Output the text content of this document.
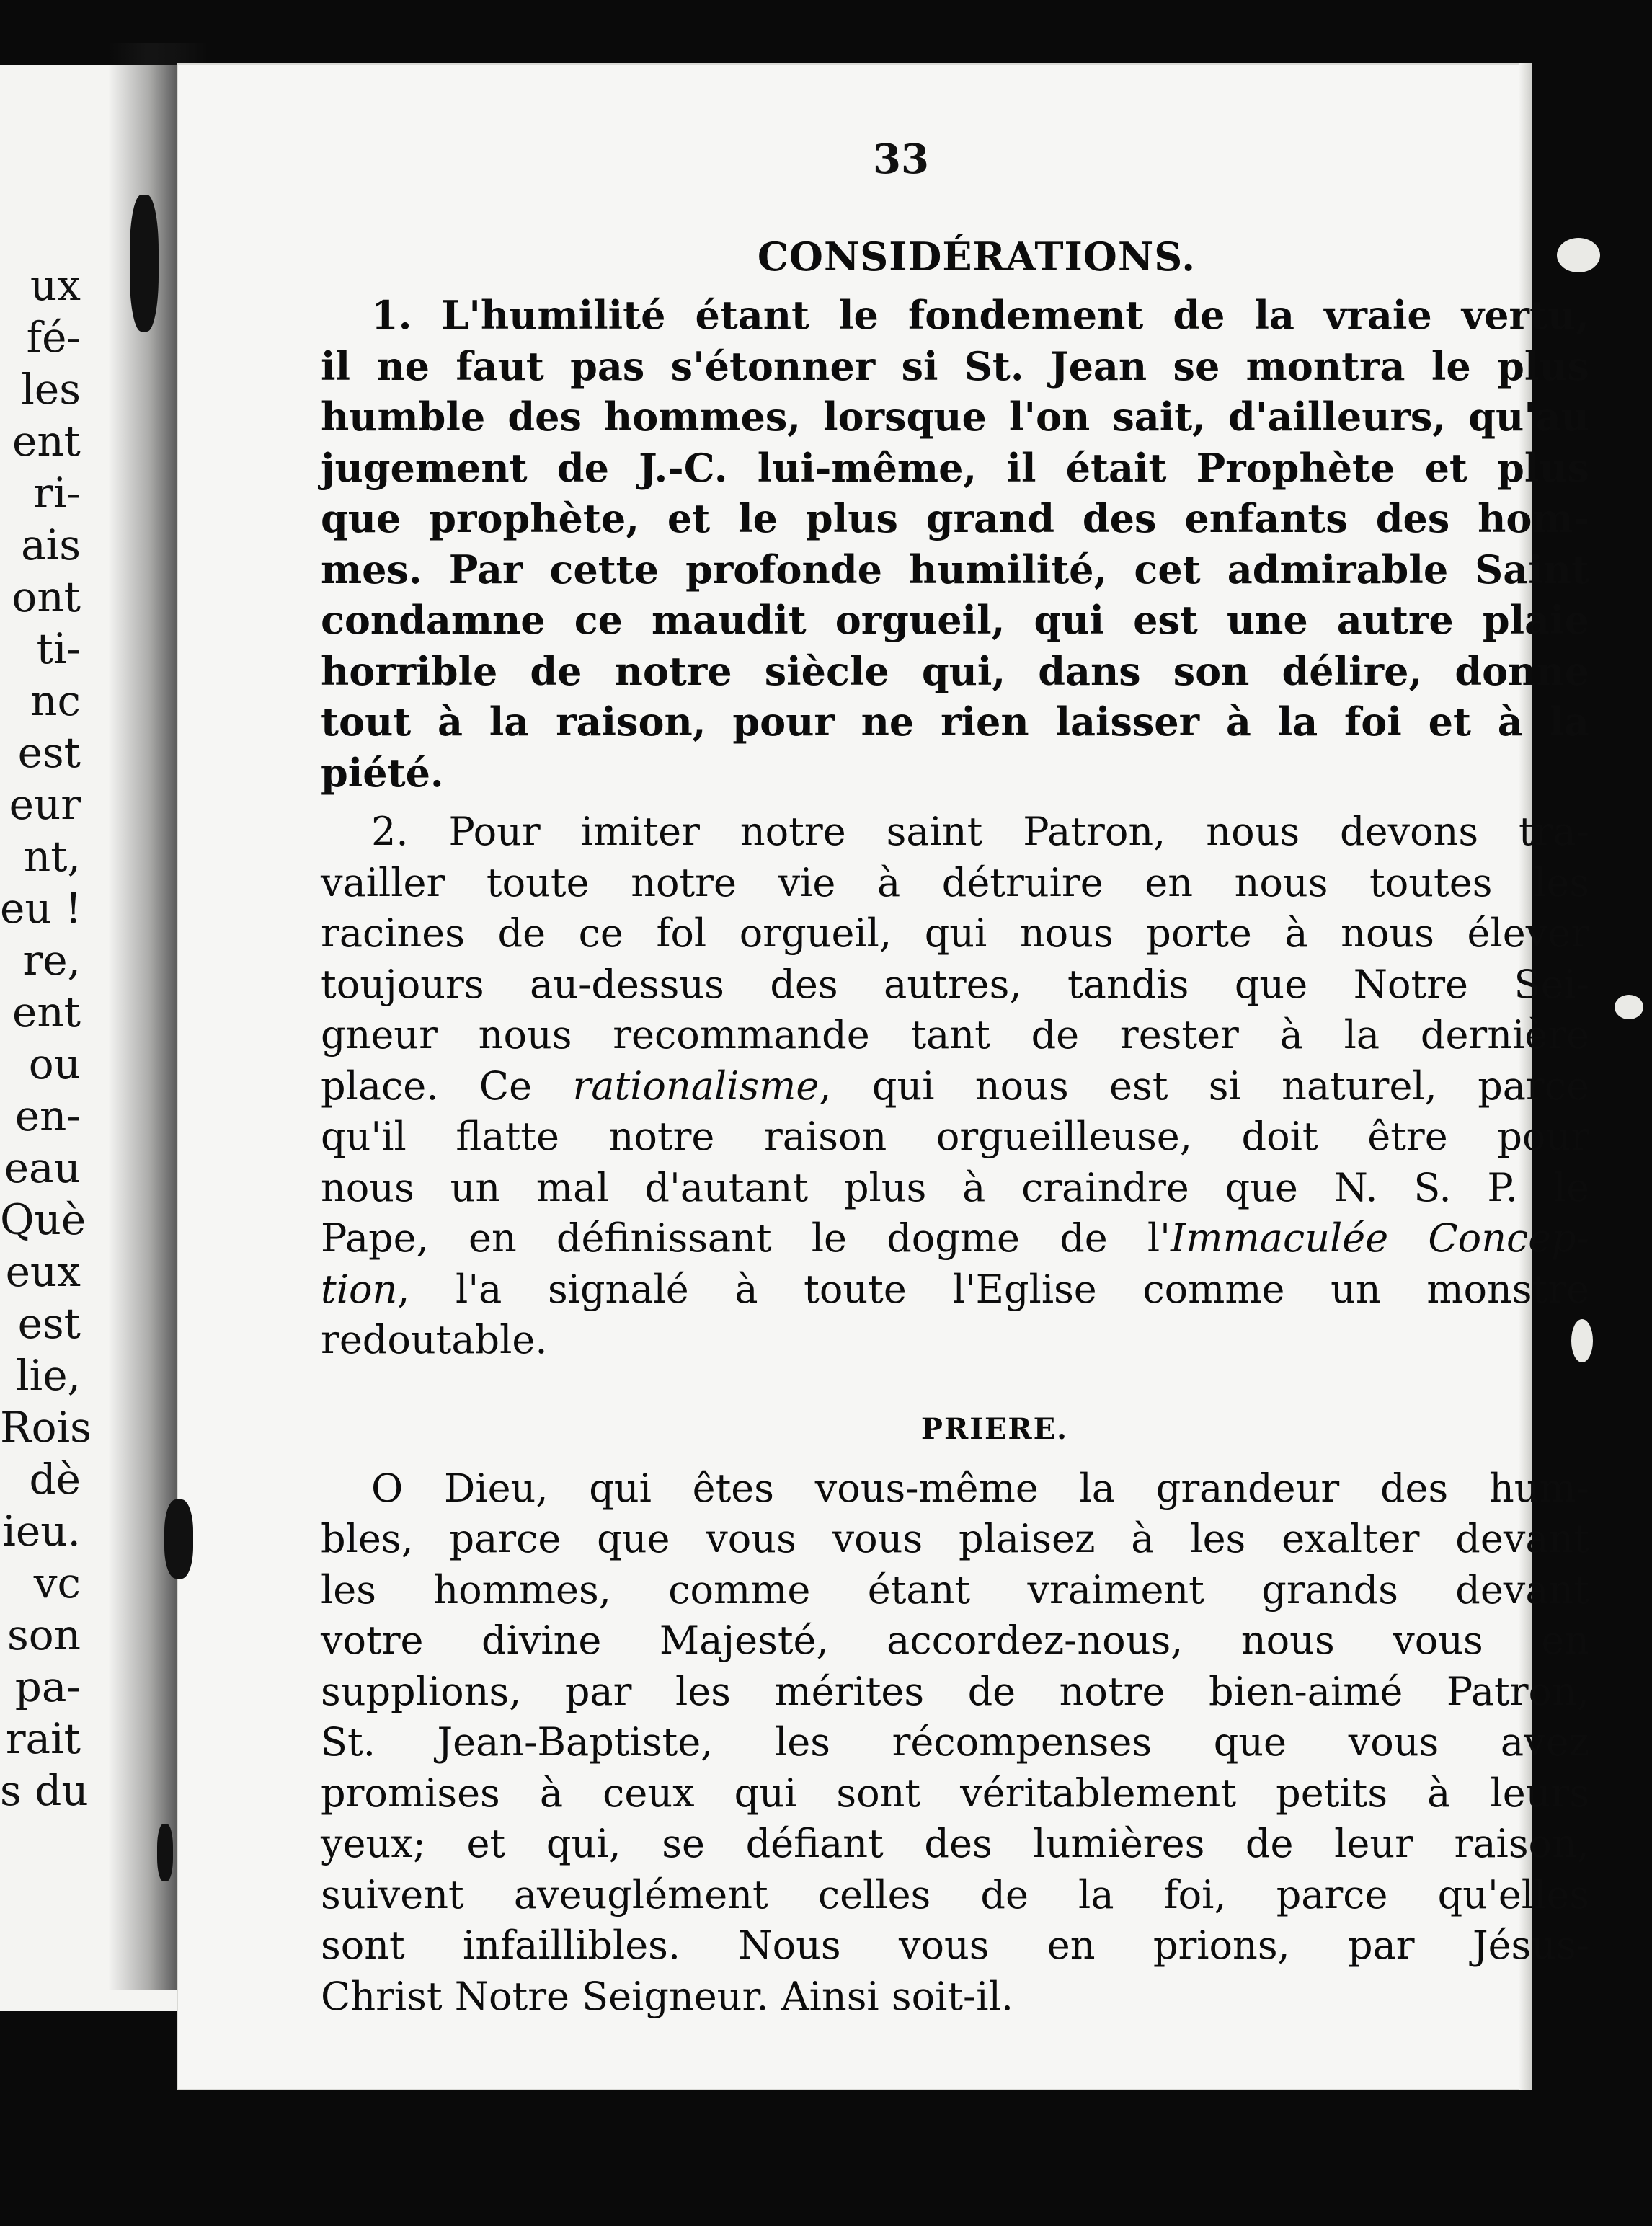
ux
fé-
les
ent
ri-
ais
ont
ti-
nc
est
eur
nt,
eu !
re,
ent
ou
en-
eau
Què
eux
est
lie,
Rois
dè
ieu.
vc
son
pa-
rait
s du
33
CONSIDÉRATIONS.
1. L'humilité étant le fondement de la vraie vertu,
il ne faut pas s'étonner si St. Jean se montra le plus
humble des hommes, lorsque l'on sait, d'ailleurs, qu'au
jugement de J.-C. lui-même, il était Prophète et plus
que prophète, et le plus grand des enfants des hom-
mes. Par cette profonde humilité, cet admirable Saint
condamne ce maudit orgueil, qui est une autre plaie
horrible de notre siècle qui, dans son délire, donne
tout à la raison, pour ne rien laisser à la foi et à la
piété.
2. Pour imiter notre saint Patron, nous devons tra-
vailler toute notre vie à détruire en nous toutes les
racines de ce fol orgueil, qui nous porte à nous élever
toujours au-dessus des autres, tandis que Notre Sei-
gneur nous recommande tant de rester à la dernière
place. Ce rationalisme, qui nous est si naturel, parce
qu'il flatte notre raison orgueilleuse, doit être pour
nous un mal d'autant plus à craindre que N. S. P. le
Pape, en définissant le dogme de l'Immaculée Concep-
tion, l'a signalé à toute l'Eglise comme un monstre
redoutable.
PRIERE.
O Dieu, qui êtes vous-même la grandeur des hum-
bles, parce que vous vous plaisez à les exalter devant
les hommes, comme étant vraiment grands devant
votre divine Majesté, accordez-nous, nous vous en
supplions, par les mérites de notre bien-aimé Patron,
St. Jean-Baptiste, les récompenses que vous avez
promises à ceux qui sont véritablement petits à leurs
yeux; et qui, se défiant des lumières de leur raison,
suivent aveuglément celles de la foi, parce qu'elles
sont infaillibles. Nous vous en prions, par Jésus-
Christ Notre Seigneur. Ainsi soit-il.
